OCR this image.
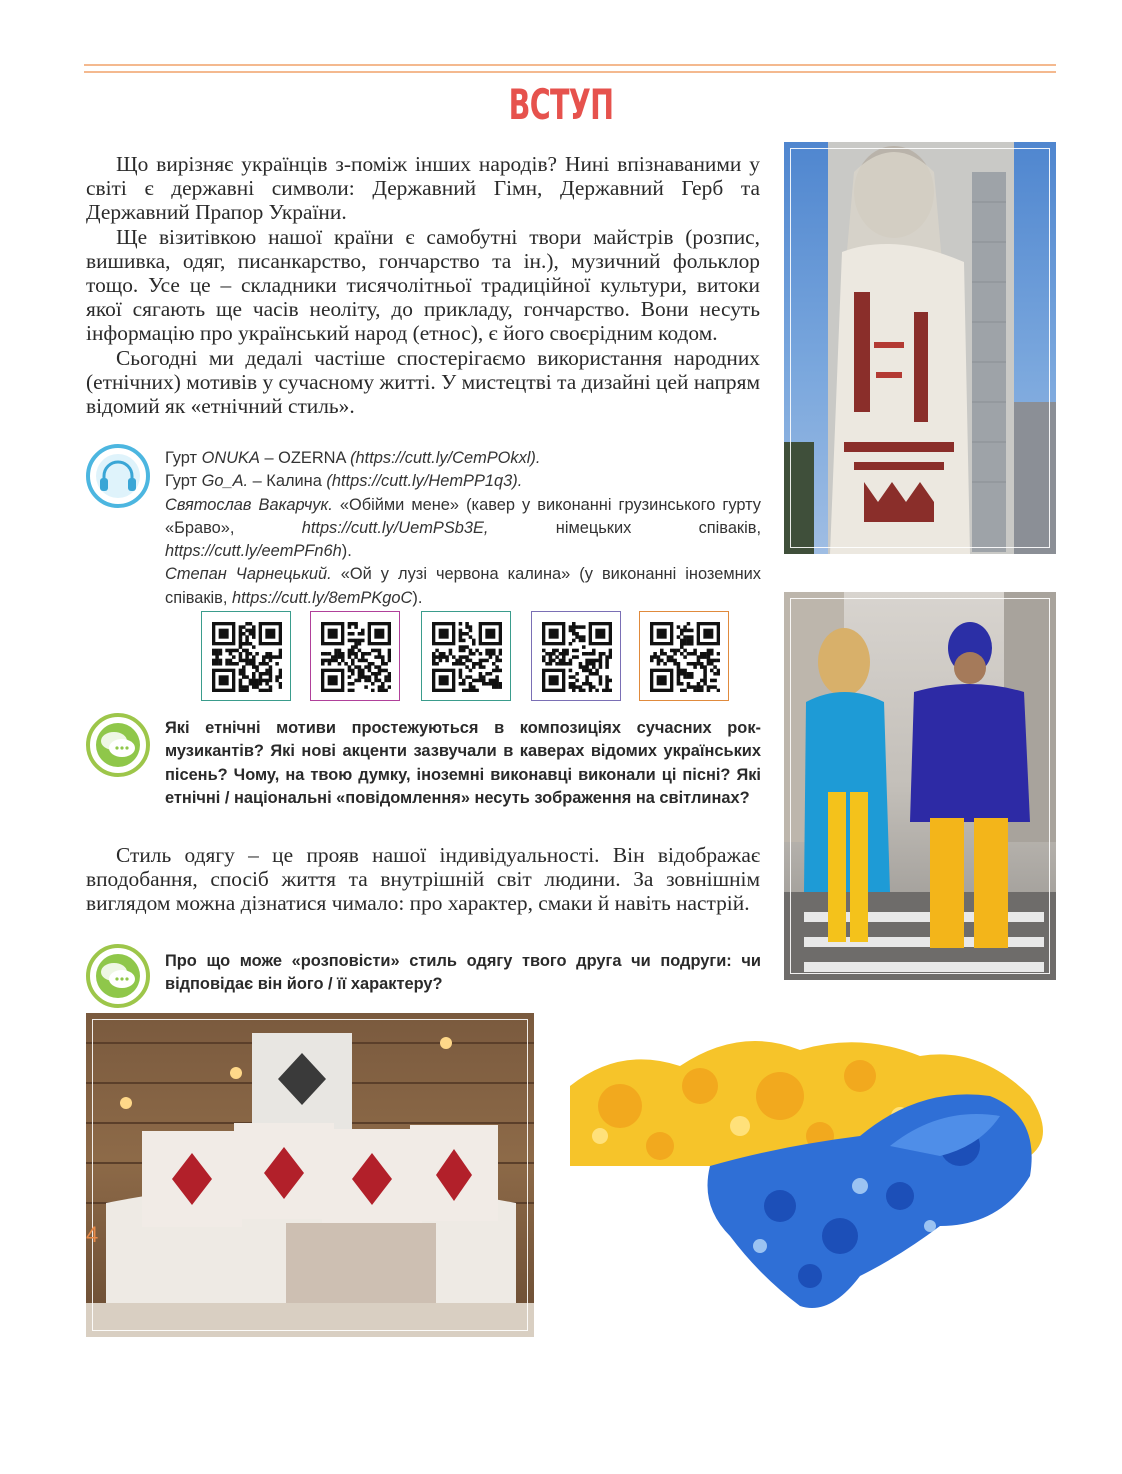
ВСТУП

Що вирізняє українців з-поміж інших народів? Нині впізнаваними у світі є державні символи: Державний Гімн, Державний Герб та Державний Прапор України.

Ще візитівкою нашої країни є самобутні твори майстрів (розпис, вишивка, одяг, писанкарство, гончарство та ін.), музичний фольклор тощо. Усе це – складники тисячолітньої традиційної культури, витоки якої сягають ще часів неоліту, до прикладу, гончарство. Вони несуть інформацію про український народ (етнос), є його своєрідним кодом.

Сьогодні ми дедалі частіше спостерігаємо використання народних (етнічних) мотивів у сучасному житті. У мистецтві та дизайні цей напрям відомий як «етнічний стиль».

Гурт ONUKA – OZERNA (https://cutt.ly/CemPOkxl).
Гурт Go_A. – Калина (https://cutt.ly/HemPP1q3).
Святослав Вакарчук. «Обійми мене» (кавер у виконанні грузинського гурту «Браво», https://cutt.ly/UemPSb3E, німецьких співаків, https://cutt.ly/eemPFn6h).
Степан Чарнецький. «Ой у лузі червона калина» (у виконанні іноземних співаків, https://cutt.ly/8emPKgoC).
Які етнічні мотиви простежуються в композиціях сучасних рок-музикантів? Які нові акценти зазвучали в каверах відомих українських пісень? Чому, на твою думку, іноземні виконавці виконали ці пісні? Які етнічні / національні «повідомлення» несуть зображення на світлинах?

Стиль одягу – це прояв нашої індивідуальності. Він відображає вподобання, спосіб життя та внутрішній світ людини. За зовнішнім виглядом можна дізнатися чимало: про характер, смаки й навіть настрій.

Про що може «розповісти» стиль одягу твого друга чи подруги: чи відповідає він його / її характеру?
4
